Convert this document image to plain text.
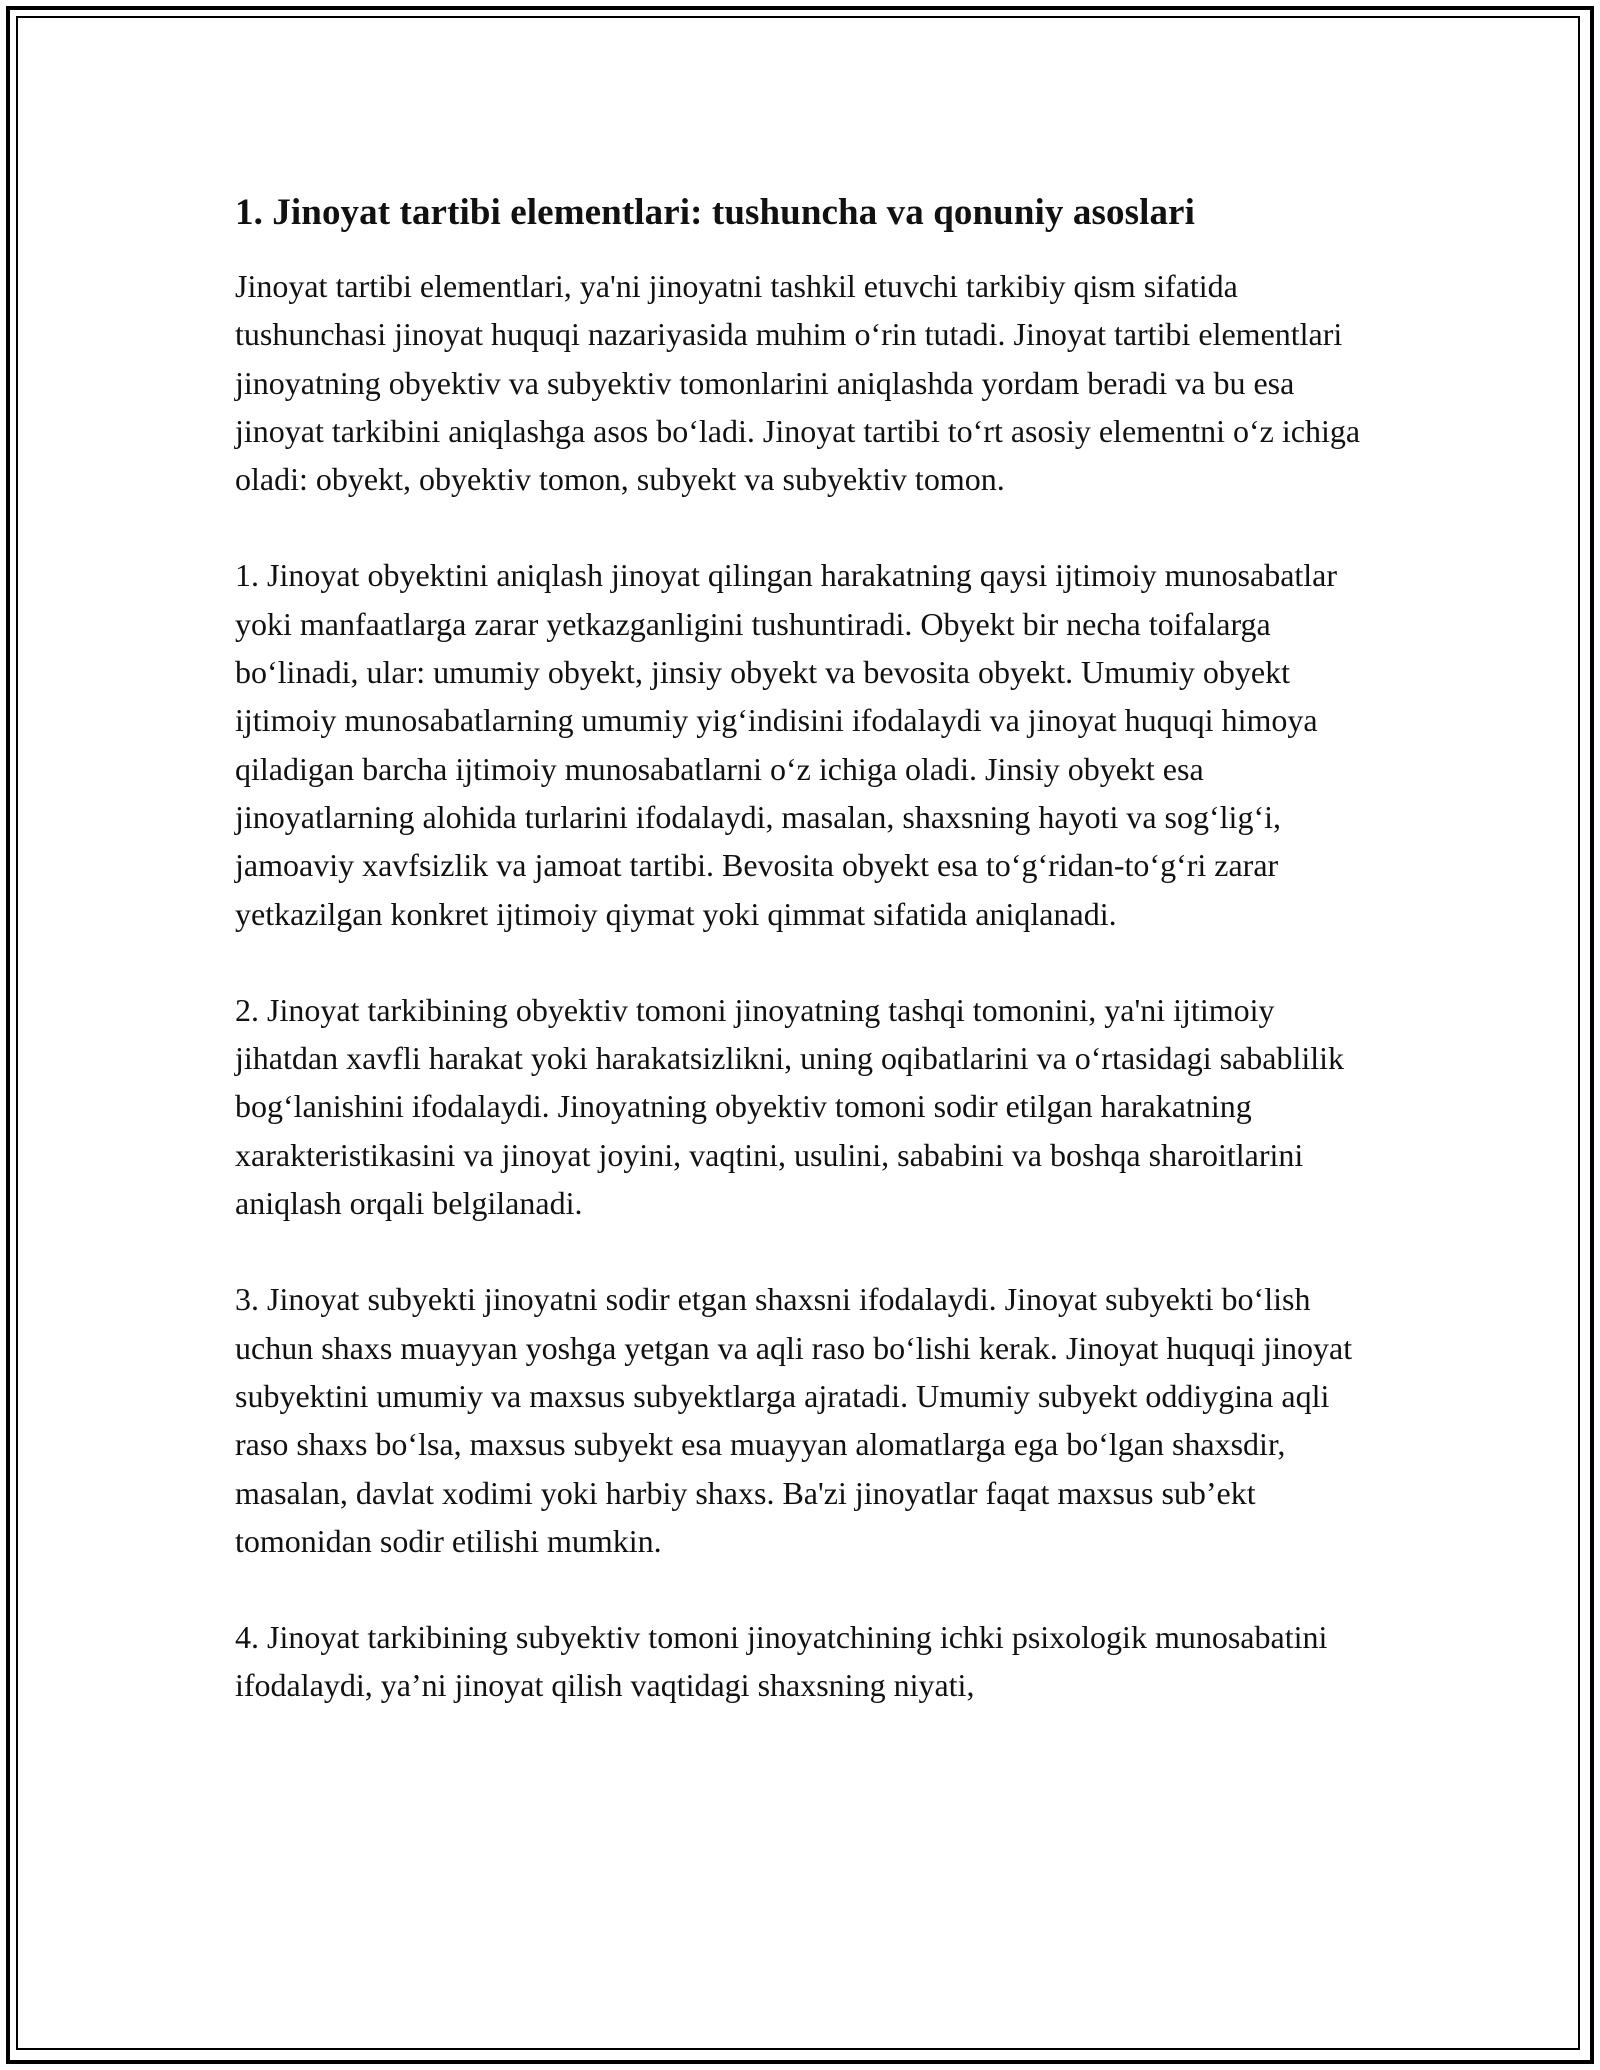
1. Jinoyat tartibi elementlari: tushuncha va qonuniy asoslari

Jinoyat tartibi elementlari, ya'ni jinoyatni tashkil etuvchi tarkibiy qism sifatida tushunchasi jinoyat huquqi nazariyasida muhim o‘rin tutadi. Jinoyat tartibi elementlari jinoyatning obyektiv va subyektiv tomonlarini aniqlashda yordam beradi va bu esa jinoyat tarkibini aniqlashga asos bo‘ladi. Jinoyat tartibi to‘rt asosiy elementni o‘z ichiga oladi: obyekt, obyektiv tomon, subyekt va subyektiv tomon.

1. Jinoyat obyektini aniqlash jinoyat qilingan harakatning qaysi ijtimoiy munosabatlar yoki manfaatlarga zarar yetkazganligini tushuntiradi. Obyekt bir necha toifalarga bo‘linadi, ular: umumiy obyekt, jinsiy obyekt va bevosita obyekt. Umumiy obyekt ijtimoiy munosabatlarning umumiy yig‘indisini ifodalaydi va jinoyat huquqi himoya qiladigan barcha ijtimoiy munosabatlarni o‘z ichiga oladi. Jinsiy obyekt esa jinoyatlarning alohida turlarini ifodalaydi, masalan, shaxsning hayoti va sog‘lig‘i, jamoaviy xavfsizlik va jamoat tartibi. Bevosita obyekt esa to‘g‘ridan-to‘g‘ri zarar yetkazilgan konkret ijtimoiy qiymat yoki qimmat sifatida aniqlanadi.

2. Jinoyat tarkibining obyektiv tomoni jinoyatning tashqi tomonini, ya'ni ijtimoiy jihatdan xavfli harakat yoki harakatsizlikni, uning oqibatlarini va o‘rtasidagi sabablilik bog‘lanishini ifodalaydi. Jinoyatning obyektiv tomoni sodir etilgan harakatning xarakteristikasini va jinoyat joyini, vaqtini, usulini, sababini va boshqa sharoitlarini aniqlash orqali belgilanadi.

3. Jinoyat subyekti jinoyatni sodir etgan shaxsni ifodalaydi. Jinoyat subyekti bo‘lish uchun shaxs muayyan yoshga yetgan va aqli raso bo‘lishi kerak. Jinoyat huquqi jinoyat subyektini umumiy va maxsus subyektlarga ajratadi. Umumiy subyekt oddiygina aqli raso shaxs bo‘lsa, maxsus subyekt esa muayyan alomatlarga ega bo‘lgan shaxsdir, masalan, davlat xodimi yoki harbiy shaxs. Ba'zi jinoyatlar faqat maxsus sub’ekt tomonidan sodir etilishi mumkin.

4. Jinoyat tarkibining subyektiv tomoni jinoyatchining ichki psixologik munosabatini ifodalaydi, ya’ni jinoyat qilish vaqtidagi shaxsning niyati,
